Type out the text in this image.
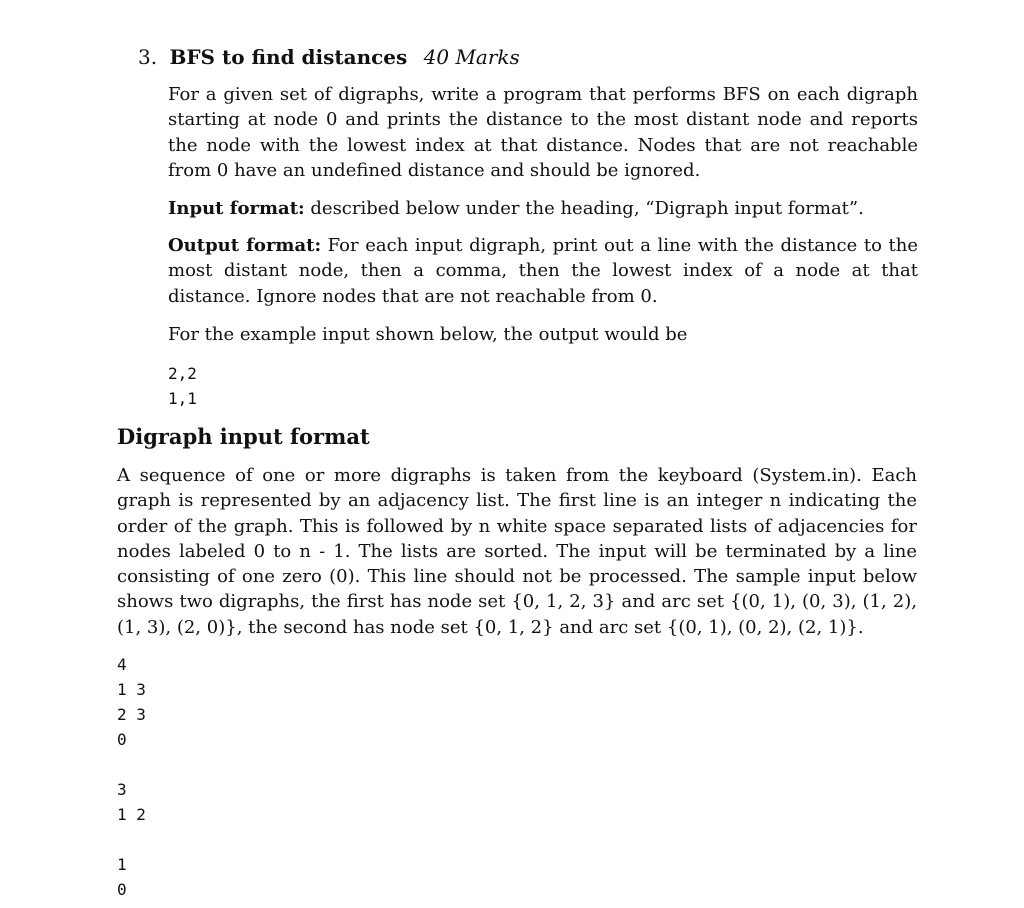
3. BFS to find distances 40 Marks

For a given set of digraphs, write a program that performs BFS on each digraph starting at node 0 and prints the distance to the most distant node and reports the node with the lowest index at that distance. Nodes that are not reachable from 0 have an undefined distance and should be ignored.

Input format: described below under the heading, “Digraph input format”.

Output format: For each input digraph, print out a line with the distance to the most distant node, then a comma, then the lowest index of a node at that distance. Ignore nodes that are not reachable from 0.

For the example input shown below, the output would be

2,2
1,1
Digraph input format

A sequence of one or more digraphs is taken from the keyboard (System.in). Each graph is represented by an adjacency list. The first line is an integer n indicating the order of the graph. This is followed by n white space separated lists of adjacencies for nodes labeled 0 to n - 1. The lists are sorted. The input will be terminated by a line consisting of one zero (0). This line should not be processed. The sample input below shows two digraphs, the first has node set {0, 1, 2, 3} and arc set {(0, 1), (0, 3), (1, 2), (1, 3), (2, 0)}, the second has node set {0, 1, 2} and arc set {(0, 1), (0, 2), (2, 1)}.

4
1 3
2 3
0
3
1 2
1
0
